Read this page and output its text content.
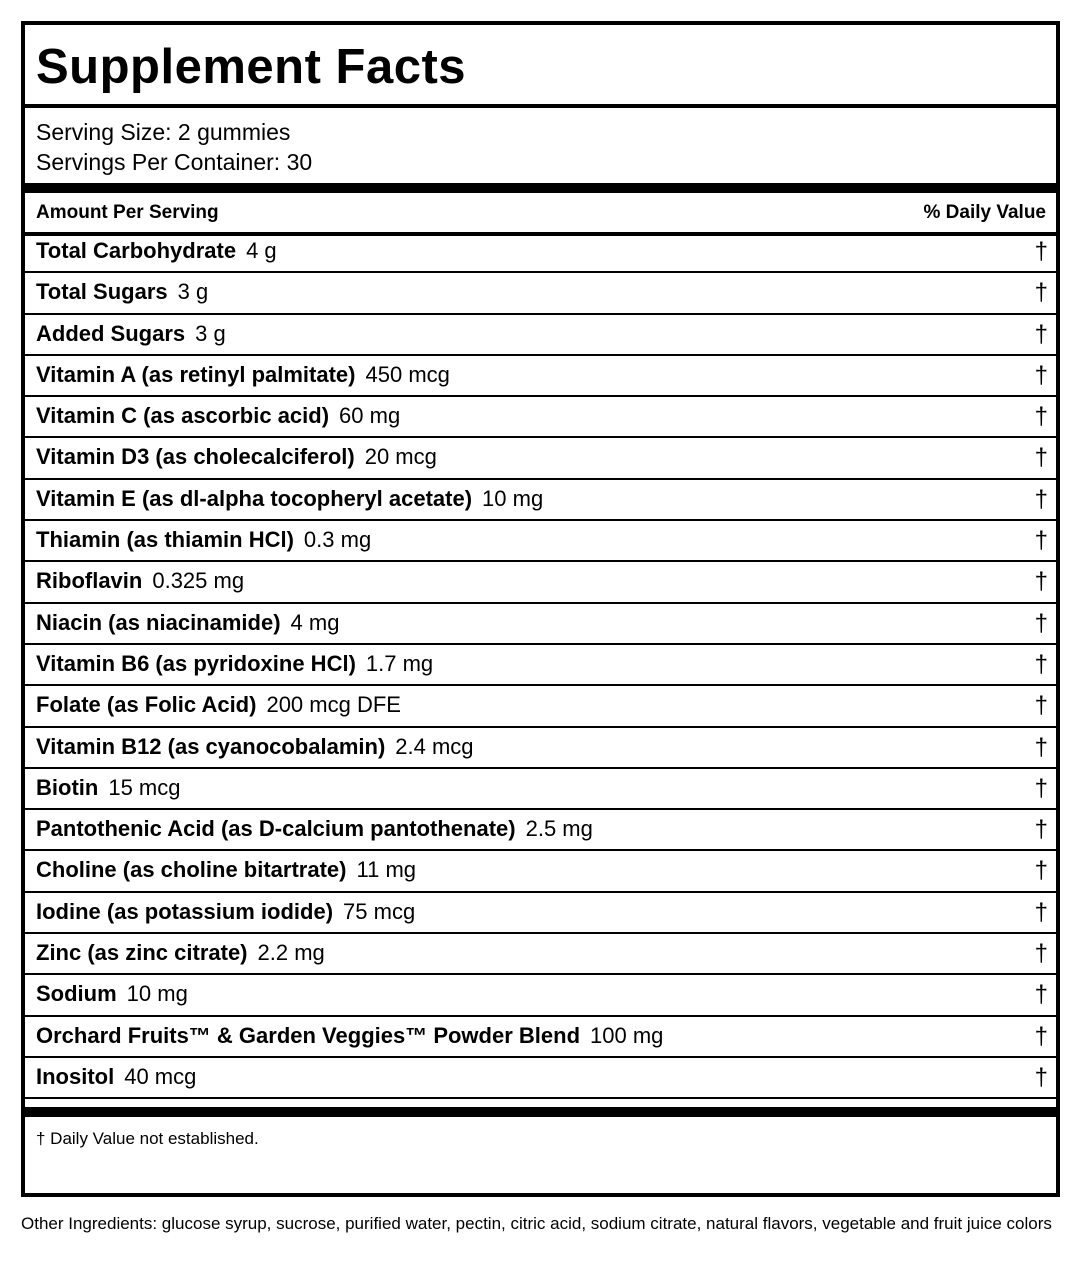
Supplement Facts
Serving Size: 2 gummies
Servings Per Container: 30
Amount Per Serving	% Daily Value
Total Carbohydrate 4 g	†
Total Sugars 3 g	†
Added Sugars 3 g	†
Vitamin A (as retinyl palmitate) 450 mcg	†
Vitamin C (as ascorbic acid) 60 mg	†
Vitamin D3 (as cholecalciferol) 20 mcg	†
Vitamin E (as dl-alpha tocopheryl acetate) 10 mg	†
Thiamin (as thiamin HCl) 0.3 mg	†
Riboflavin 0.325 mg	†
Niacin (as niacinamide) 4 mg	†
Vitamin B6 (as pyridoxine HCl) 1.7 mg	†
Folate (as Folic Acid) 200 mcg DFE	†
Vitamin B12 (as cyanocobalamin) 2.4 mcg	†
Biotin 15 mcg	†
Pantothenic Acid (as D-calcium pantothenate) 2.5 mg	†
Choline (as choline bitartrate) 11 mg	†
Iodine (as potassium iodide) 75 mcg	†
Zinc (as zinc citrate) 2.2 mg	†
Sodium 10 mg	†
Orchard Fruits™ & Garden Veggies™ Powder Blend 100 mg	†
Inositol 40 mcg	†
† Daily Value not established.
Other Ingredients: glucose syrup, sucrose, purified water, pectin, citric acid, sodium citrate, natural flavors, vegetable and fruit juice colors
